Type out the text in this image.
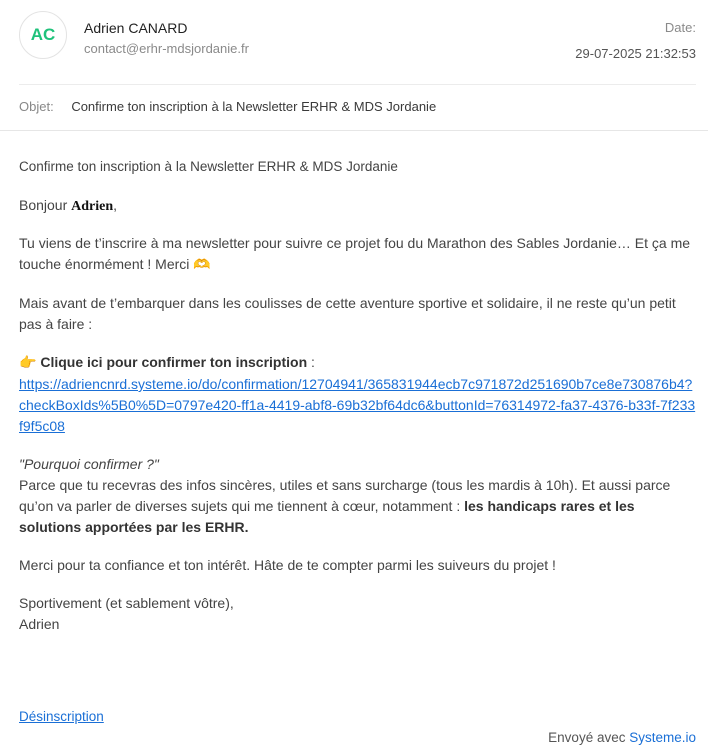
AC	Adrien CANARD
contact@erhr-mdsjordanie.fr
Date:
29-07-2025 21:32:53
Objet: Confirme ton inscription à la Newsletter ERHR & MDS Jordanie

Confirme ton inscription à la Newsletter ERHR & MDS Jordanie

Bonjour Adrien,

Tu viens de t’inscrire à ma newsletter pour suivre ce projet fou du Marathon des Sables Jordanie… Et ça me touche énormément ! Merci 🫶

Mais avant de t’embarquer dans les coulisses de cette aventure sportive et solidaire, il ne reste qu’un petit pas à faire :

👉 Clique ici pour confirmer ton inscription :
https://adriencnrd.systeme.io/do/confirmation/12704941/365831944ecb7c971872d251690b7ce8e730876b4?checkBoxIds%5B0%5D=0797e420-ff1a-4419-abf8-69b32bf64dc6&buttonId=76314972-fa37-4376-b33f-7f233f9f5c08

"Pourquoi confirmer ?"
Parce que tu recevras des infos sincères, utiles et sans surcharge (tous les mardis à 10h). Et aussi parce qu’on va parler de diverses sujets qui me tiennent à cœur, notamment : les handicaps rares et les solutions apportées par les ERHR.

Merci pour ta confiance et ton intérêt. Hâte de te compter parmi les suiveurs du projet !

Sportivement (et sablement vôtre),
Adrien

Désinscription
Envoyé avec Systeme.io
